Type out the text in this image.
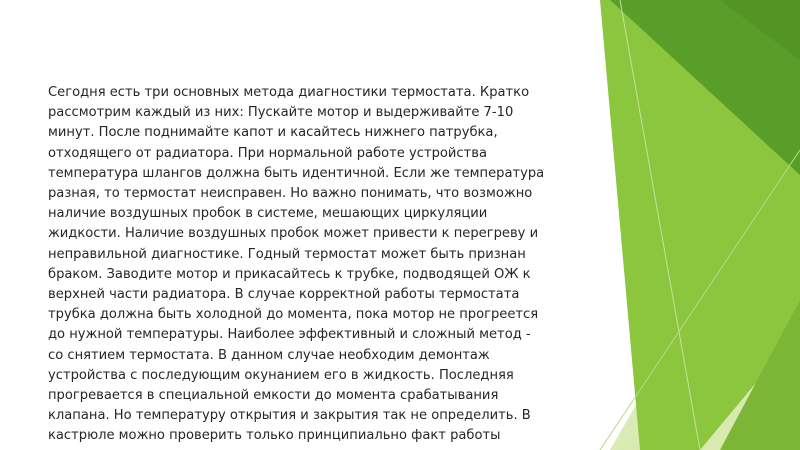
Сегодня есть три основных метода диагностики термостата. Кратко
рассмотрим каждый из них: Пускайте мотор и выдерживайте 7-10
минут. После поднимайте капот и касайтесь нижнего патрубка,
отходящего от радиатора. При нормальной работе устройства
температура шлангов должна быть идентичной. Если же температура
разная, то термостат неисправен. Но важно понимать, что возможно
наличие воздушных пробок в системе, мешающих циркуляции
жидкости. Наличие воздушных пробок может привести к перегреву и
неправильной диагностике. Годный термостат может быть признан
браком. Заводите мотор и прикасайтесь к трубке, подводящей ОЖ к
верхней части радиатора. В случае корректной работы термостата
трубка должна быть холодной до момента, пока мотор не прогреется
до нужной температуры. Наиболее эффективный и сложный метод -
со снятием термостата. В данном случае необходим демонтаж
устройства с последующим окунанием его в жидкость. Последняя
прогревается в специальной емкости до момента срабатывания
клапана. Но температуру открытия и закрытия так не определить. В
кастрюле можно проверить только принципиально факт работы
